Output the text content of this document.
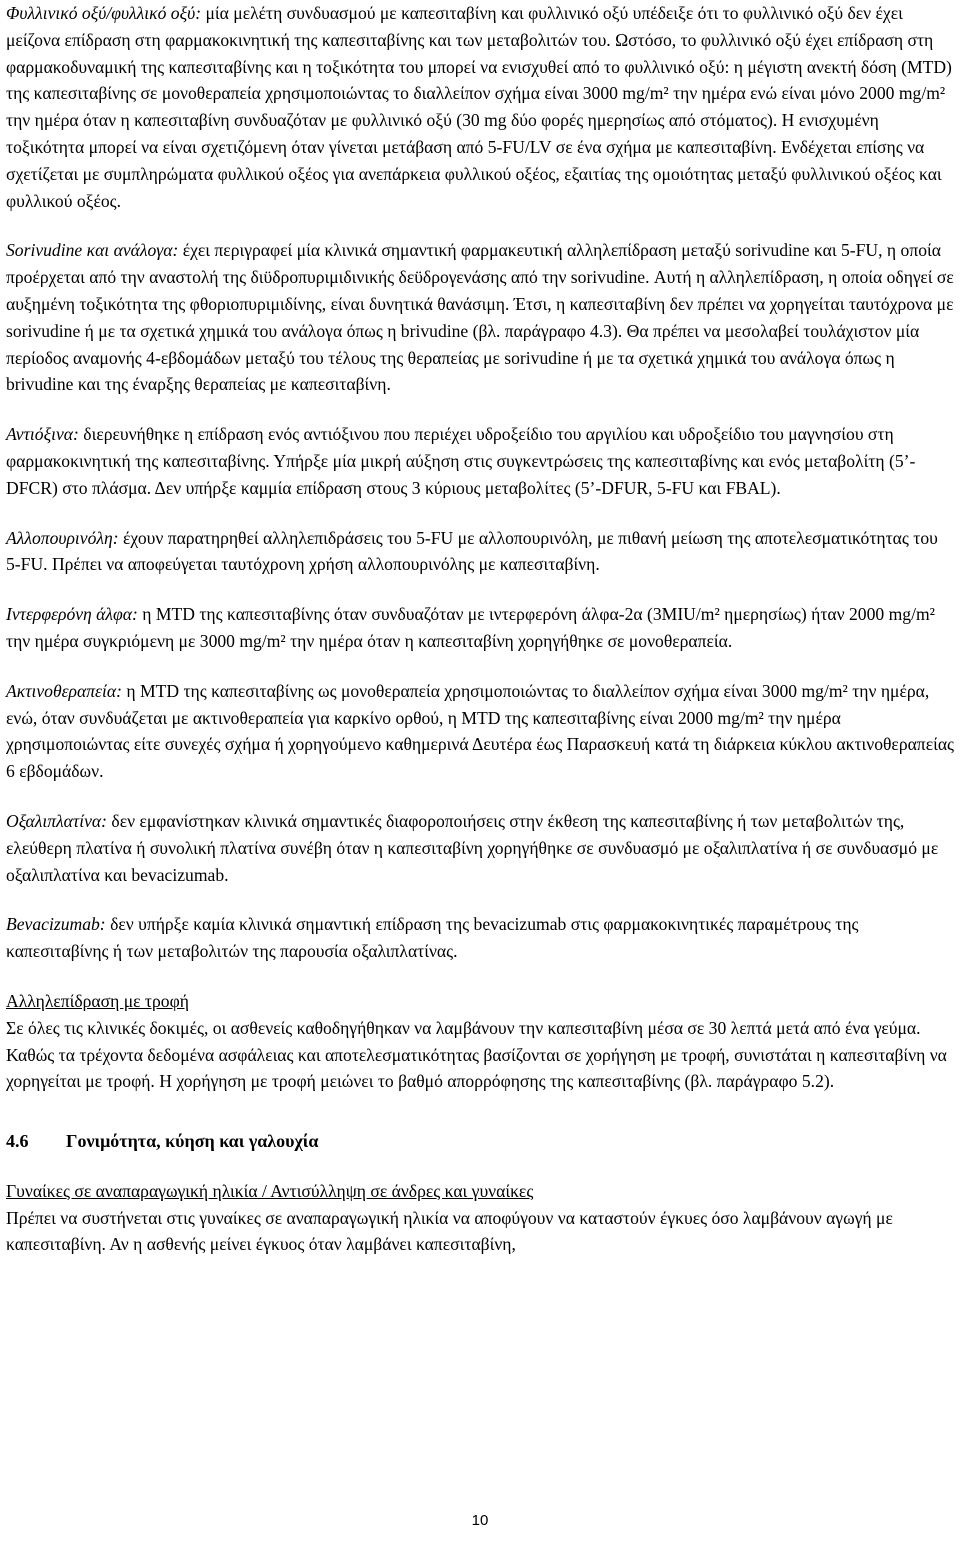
Φυλλινικό οξύ/φυλλικό οξύ: μία μελέτη συνδυασμού με καπεσιταβίνη και φυλλινικό οξύ υπέδειξε ότι το φυλλινικό οξύ δεν έχει μείζονα επίδραση στη φαρμακοκινητική της καπεσιταβίνης και των μεταβολιτών του. Ωστόσο, το φυλλινικό οξύ έχει επίδραση στη φαρμακοδυναμική της καπεσιταβίνης και η τοξικότητα του μπορεί να ενισχυθεί από το φυλλινικό οξύ: η μέγιστη ανεκτή δόση (MTD) της καπεσιταβίνης σε μονοθεραπεία χρησιμοποιώντας το διαλλείπον σχήμα είναι 3000 mg/m² την ημέρα ενώ είναι μόνο 2000 mg/m² την ημέρα όταν η καπεσιταβίνη συνδυαζόταν με φυλλινικό οξύ (30 mg δύο φορές ημερησίως από στόματος). Η ενισχυμένη τοξικότητα μπορεί να είναι σχετιζόμενη όταν γίνεται μετάβαση από 5-FU/LV σε ένα σχήμα με καπεσιταβίνη. Ενδέχεται επίσης να σχετίζεται με συμπληρώματα φυλλικού οξέος για ανεπάρκεια φυλλικού οξέος, εξαιτίας της ομοιότητας μεταξύ φυλλινικού οξέος και φυλλικού οξέος.

Sorivudine και ανάλογα: έχει περιγραφεί μία κλινικά σημαντική φαρμακευτική αλληλεπίδραση μεταξύ sorivudine και 5-FU, η οποία προέρχεται από την αναστολή της διϋδροπυριμιδινικής δεϋδρογενάσης από την sorivudine. Αυτή η αλληλεπίδραση, η οποία οδηγεί σε αυξημένη τοξικότητα της φθοριοπυριμιδίνης, είναι δυνητικά θανάσιμη. Έτσι, η καπεσιταβίνη δεν πρέπει να χορηγείται ταυτόχρονα με sorivudine ή με τα σχετικά χημικά του ανάλογα όπως η brivudine (βλ. παράγραφο 4.3). Θα πρέπει να μεσολαβεί τουλάχιστον μία περίοδος αναμονής 4-εβδομάδων μεταξύ του τέλους της θεραπείας με sorivudine ή με τα σχετικά χημικά του ανάλογα όπως η brivudine και της έναρξης θεραπείας με καπεσιταβίνη.

Αντιόξινα: διερευνήθηκε η επίδραση ενός αντιόξινου που περιέχει υδροξείδιο του αργιλίου και υδροξείδιο του μαγνησίου στη φαρμακοκινητική της καπεσιταβίνης. Υπήρξε μία μικρή αύξηση στις συγκεντρώσεις της καπεσιταβίνης και ενός μεταβολίτη (5’-DFCR) στο πλάσμα. Δεν υπήρξε καμμία επίδραση στους 3 κύριους μεταβολίτες (5’-DFUR, 5-FU και FBAL).

Αλλοπουρινόλη: έχουν παρατηρηθεί αλληλεπιδράσεις του 5-FU με αλλοπουρινόλη, με πιθανή μείωση της αποτελεσματικότητας του 5-FU. Πρέπει να αποφεύγεται ταυτόχρονη χρήση αλλοπουρινόλης με καπεσιταβίνη.

Ιντερφερόνη άλφα: η MTD της καπεσιταβίνης όταν συνδυαζόταν με ιντερφερόνη άλφα-2α (3MIU/m² ημερησίως) ήταν 2000 mg/m² την ημέρα συγκριόμενη με 3000 mg/m² την ημέρα όταν η καπεσιταβίνη χορηγήθηκε σε μονοθεραπεία.

Ακτινοθεραπεία: η MTD της καπεσιταβίνης ως μονοθεραπεία χρησιμοποιώντας το διαλλείπον σχήμα είναι 3000 mg/m² την ημέρα, ενώ, όταν συνδυάζεται με ακτινοθεραπεία για καρκίνο ορθού, η MTD της καπεσιταβίνης είναι 2000 mg/m² την ημέρα χρησιμοποιώντας είτε συνεχές σχήμα ή χορηγούμενο καθημερινά Δευτέρα έως Παρασκευή κατά τη διάρκεια κύκλου ακτινοθεραπείας 6 εβδομάδων.

Οξαλιπλατίνα: δεν εμφανίστηκαν κλινικά σημαντικές διαφοροποιήσεις στην έκθεση της καπεσιταβίνης ή των μεταβολιτών της, ελεύθερη πλατίνα ή συνολική πλατίνα συνέβη όταν η καπεσιταβίνη χορηγήθηκε σε συνδυασμό με οξαλιπλατίνα ή σε συνδυασμό με οξαλιπλατίνα και bevacizumab.

Bevacizumab: δεν υπήρξε καμία κλινικά σημαντική επίδραση της bevacizumab στις φαρμακοκινητικές παραμέτρους της καπεσιταβίνης ή των μεταβολιτών της παρουσία οξαλιπλατίνας.

Αλληλεπίδραση με τροφή

Σε όλες τις κλινικές δοκιμές, οι ασθενείς καθοδηγήθηκαν να λαμβάνουν την καπεσιταβίνη μέσα σε 30 λεπτά μετά από ένα γεύμα. Καθώς τα τρέχοντα δεδομένα ασφάλειας και αποτελεσματικότητας βασίζονται σε χορήγηση με τροφή, συνιστάται η καπεσιταβίνη να χορηγείται με τροφή. Η χορήγηση με τροφή μειώνει το βαθμό απορρόφησης της καπεσιταβίνης (βλ. παράγραφο 5.2).

4.6 Γονιμότητα, κύηση και γαλουχία

Γυναίκες σε αναπαραγωγική ηλικία / Αντισύλληψη σε άνδρες και γυναίκες

Πρέπει να συστήνεται στις γυναίκες σε αναπαραγωγική ηλικία να αποφύγουν να καταστούν έγκυες όσο λαμβάνουν αγωγή με καπεσιταβίνη. Αν η ασθενής μείνει έγκυος όταν λαμβάνει καπεσιταβίνη,

10
